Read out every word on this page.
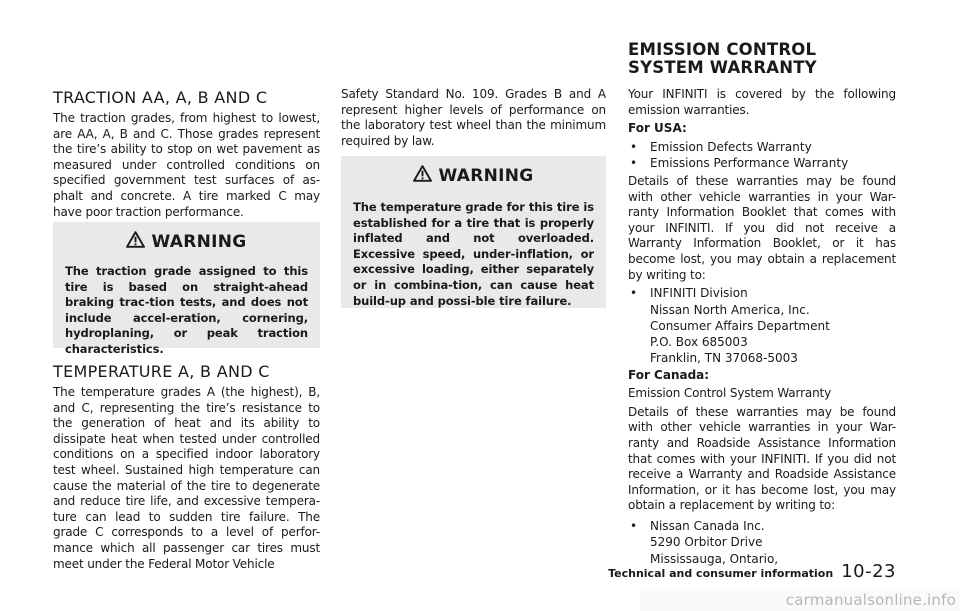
TRACTION AA, A, B AND C

The traction grades, from highest to lowest, are AA, A, B and C. Those grades represent the tire’s ability to stop on wet pavement as measured under controlled conditions on specified government test surfaces of as-phalt and concrete. A tire marked C may have poor traction performance.

WARNING

The traction grade assigned to this tire is based on straight-ahead braking trac-tion tests, and does not include accel-eration, cornering, hydroplaning, or peak traction characteristics.

TEMPERATURE A, B AND C

The temperature grades A (the highest), B, and C, representing the tire’s resistance to the generation of heat and its ability to dissipate heat when tested under controlled conditions on a specified indoor laboratory test wheel. Sustained high temperature can cause the material of the tire to degenerate and reduce tire life, and excessive tempera-ture can lead to sudden tire failure. The grade C corresponds to a level of perfor-mance which all passenger car tires must meet under the Federal Motor Vehicle

Safety Standard No. 109. Grades B and A represent higher levels of performance on the laboratory test wheel than the minimum required by law.

WARNING

The temperature grade for this tire is established for a tire that is properly inflated and not overloaded. Excessive speed, under-inflation, or excessive loading, either separately or in combina-tion, can cause heat build-up and possi-ble tire failure.

EMISSION CONTROL SYSTEM WARRANTY

Your INFINITI is covered by the following emission warranties.

For USA:

•	Emission Defects Warranty
•	Emissions Performance Warranty

Details of these warranties may be found with other vehicle warranties in your War-ranty Information Booklet that comes with your INFINITI. If you did not receive a Warranty Information Booklet, or it has become lost, you may obtain a replacement by writing to:

•	INFINITI Division
Nissan North America, Inc.
Consumer Affairs Department
P.O. Box 685003
Franklin, TN 37068-5003

For Canada:

Emission Control System Warranty

Details of these warranties may be found with other vehicle warranties in your War-ranty and Roadside Assistance Information that comes with your INFINITI. If you did not receive a Warranty and Roadside Assistance Information, or it has become lost, you may obtain a replacement by writing to:

•	Nissan Canada Inc.
5290 Orbitor Drive
Mississauga, Ontario,
Technical and consumer information 10-23
carmanualsonline.info
